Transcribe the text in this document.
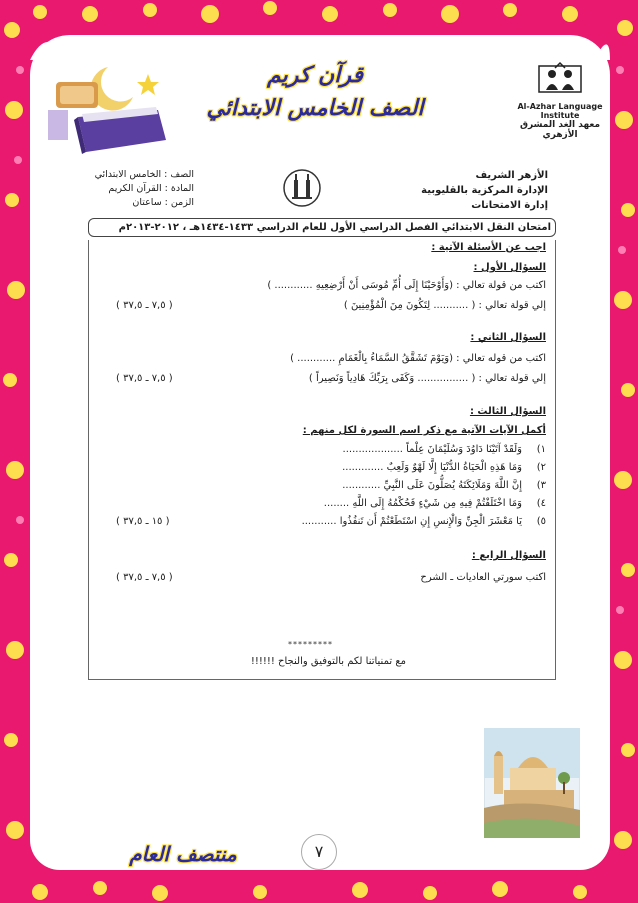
قرآن كريم
الصف الخامس الابتدائي	Al-Azhar Language Institute
معهد الغد المشرق الأزهري
الأزهر الشريف
الإدارة المركزية بالقليوبية
إدارة الامتحانات
الصف : الخامس الابتدائي
المادة : القرآن الكريم
الزمن : ساعتان
امتحان النقل الابتدائي الفصل الدراسي الأول للعام الدراسي ١٤٣٣-١٤٣٤هـ ، ٢٠١٢-٢٠١٣م
اجب عن الأسئلة الآتية :
السؤال الأول :
اكتب من قولة تعالي : (وَأَوْحَيْنَا إِلَى أُمِّ مُوسَى أَنْ أَرْضِعِيهِ ............ )
إلي قولة تعالي : ( ........... لِتَكُونَ مِنَ الْمُؤْمِنِينَ )
( ٧,٥ ـ ٣٧,٥ )
السؤال الثاني :
اكتب من قوله تعالي : (وَيَوْمَ تَشَقَّقُ السَّمَاءُ بِالْغَمَامِ ............ )
إلي قولة تعالي : ( ................ وَكَفَى بِرَبِّكَ هَادِياً وَنَصِيراً )
( ٧,٥ ـ ٣٧,٥ )
السؤال الثالث :
أكمل الآيات الآتية مع ذكر اسم السورة لكل منهم :
١)وَلَقَدْ آتَيْنَا دَاوُدَ وَسُلَيْمَانَ عِلْماً ...................
٢)وَمَا هَذِهِ الْحَيَاةُ الدُّنْيَا إِلَّا لَهْوٌ وَلَعِبٌ .............
٣)إِنَّ اللَّهَ وَمَلَائِكَتَهُ يُصَلُّونَ عَلَى النَّبِيِّ ............
٤)وَمَا اخْتَلَفْتُمْ فِيهِ مِن شَيْءٍ فَحُكْمُهُ إِلَى اللَّهِ ........
٥)يَا مَعْشَرَ الْجِنِّ وَالْإِنسِ إِنِ اسْتَطَعْتُمْ أَن تَنفُذُوا ...........
( ١٥ ـ ٣٧,٥ )
السؤال الرابع :
اكتب سورتي العاديات ـ الشرح
( ٧,٥ ـ ٣٧,٥ )
*********
مع تمنياتنا لكم بالتوفيق والنجاح !!!!!!
٧
منتصف العام
